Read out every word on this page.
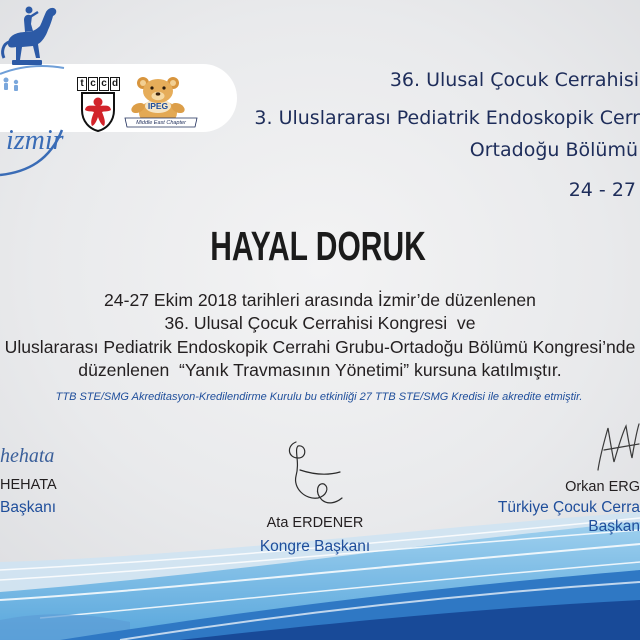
izmir
t c c d
IPEG
Middle East Chapter
36. Ulusal Çocuk Cerrahisi
3. Uluslararası Pediatrik Endoskopik Cerr
Ortadoğu Bölümü
24 - 27
HAYAL DORUK
24-27 Ekim 2018 tarihleri arasında İzmir’de düzenlenen
36. Ulusal Çocuk Cerrahisi Kongresi  ve
Uluslararası Pediatrik Endoskopik Cerrahi Grubu-Ortadoğu Bölümü Kongresi’nde
düzenlenen  “Yanık Travmasının Yönetimi” kursuna katılmıştır.
TTB STE/SMG Akreditasyon-Kredilendirme Kurulu bu etkinliği 27 TTB STE/SMG Kredisi ile akredite etmiştir.
hehata
HEHATA
Başkanı
Ata ERDENER
Kongre Başkanı
Orkan ERG
Türkiye Çocuk Cerra
Başkan
